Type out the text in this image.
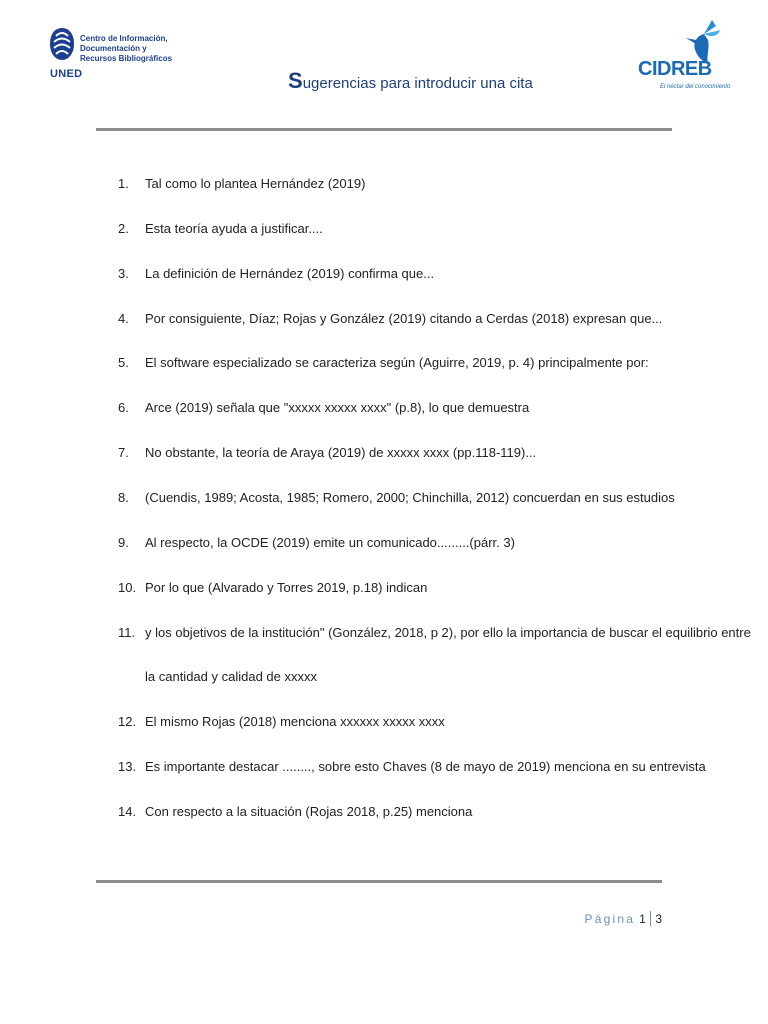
UNED
Centro de Información,
Documentación y
Recursos Bibliográficos
Sugerencias para introducir una cita
CIDREB
El néctar del conocimiento
1.	Tal como lo plantea Hernández (2019)
2.	Esta teoría ayuda a justificar....
3.	La definición de Hernández (2019) confirma que...
4.	Por consiguiente, Díaz; Rojas y González (2019) citando a Cerdas (2018) expresan que...
5.	El software especializado se caracteriza según (Aguirre, 2019, p. 4) principalmente por:
6.	Arce (2019) señala que "xxxxx xxxxx xxxx" (p.8), lo que demuestra
7.	No obstante, la teoría de Araya (2019) de xxxxx xxxx (pp.118-119)...
8.	(Cuendis, 1989; Acosta, 1985; Romero, 2000; Chinchilla, 2012) concuerdan en sus estudios
9.	Al respecto, la OCDE (2019) emite un comunicado.........(párr. 3)
10. Por lo que (Alvarado y Torres 2019, p.18) indican
11. y los objetivos de la institución" (González, 2018, p 2), por ello la importancia de buscar el equilibrio entre
la cantidad y calidad de xxxxx
12. El mismo Rojas (2018) menciona xxxxxx xxxxx xxxx
13. Es importante destacar ........, sobre esto Chaves (8 de mayo de 2019) menciona en su entrevista
14. Con respecto a la situación (Rojas 2018, p.25) menciona
Página 1 3
